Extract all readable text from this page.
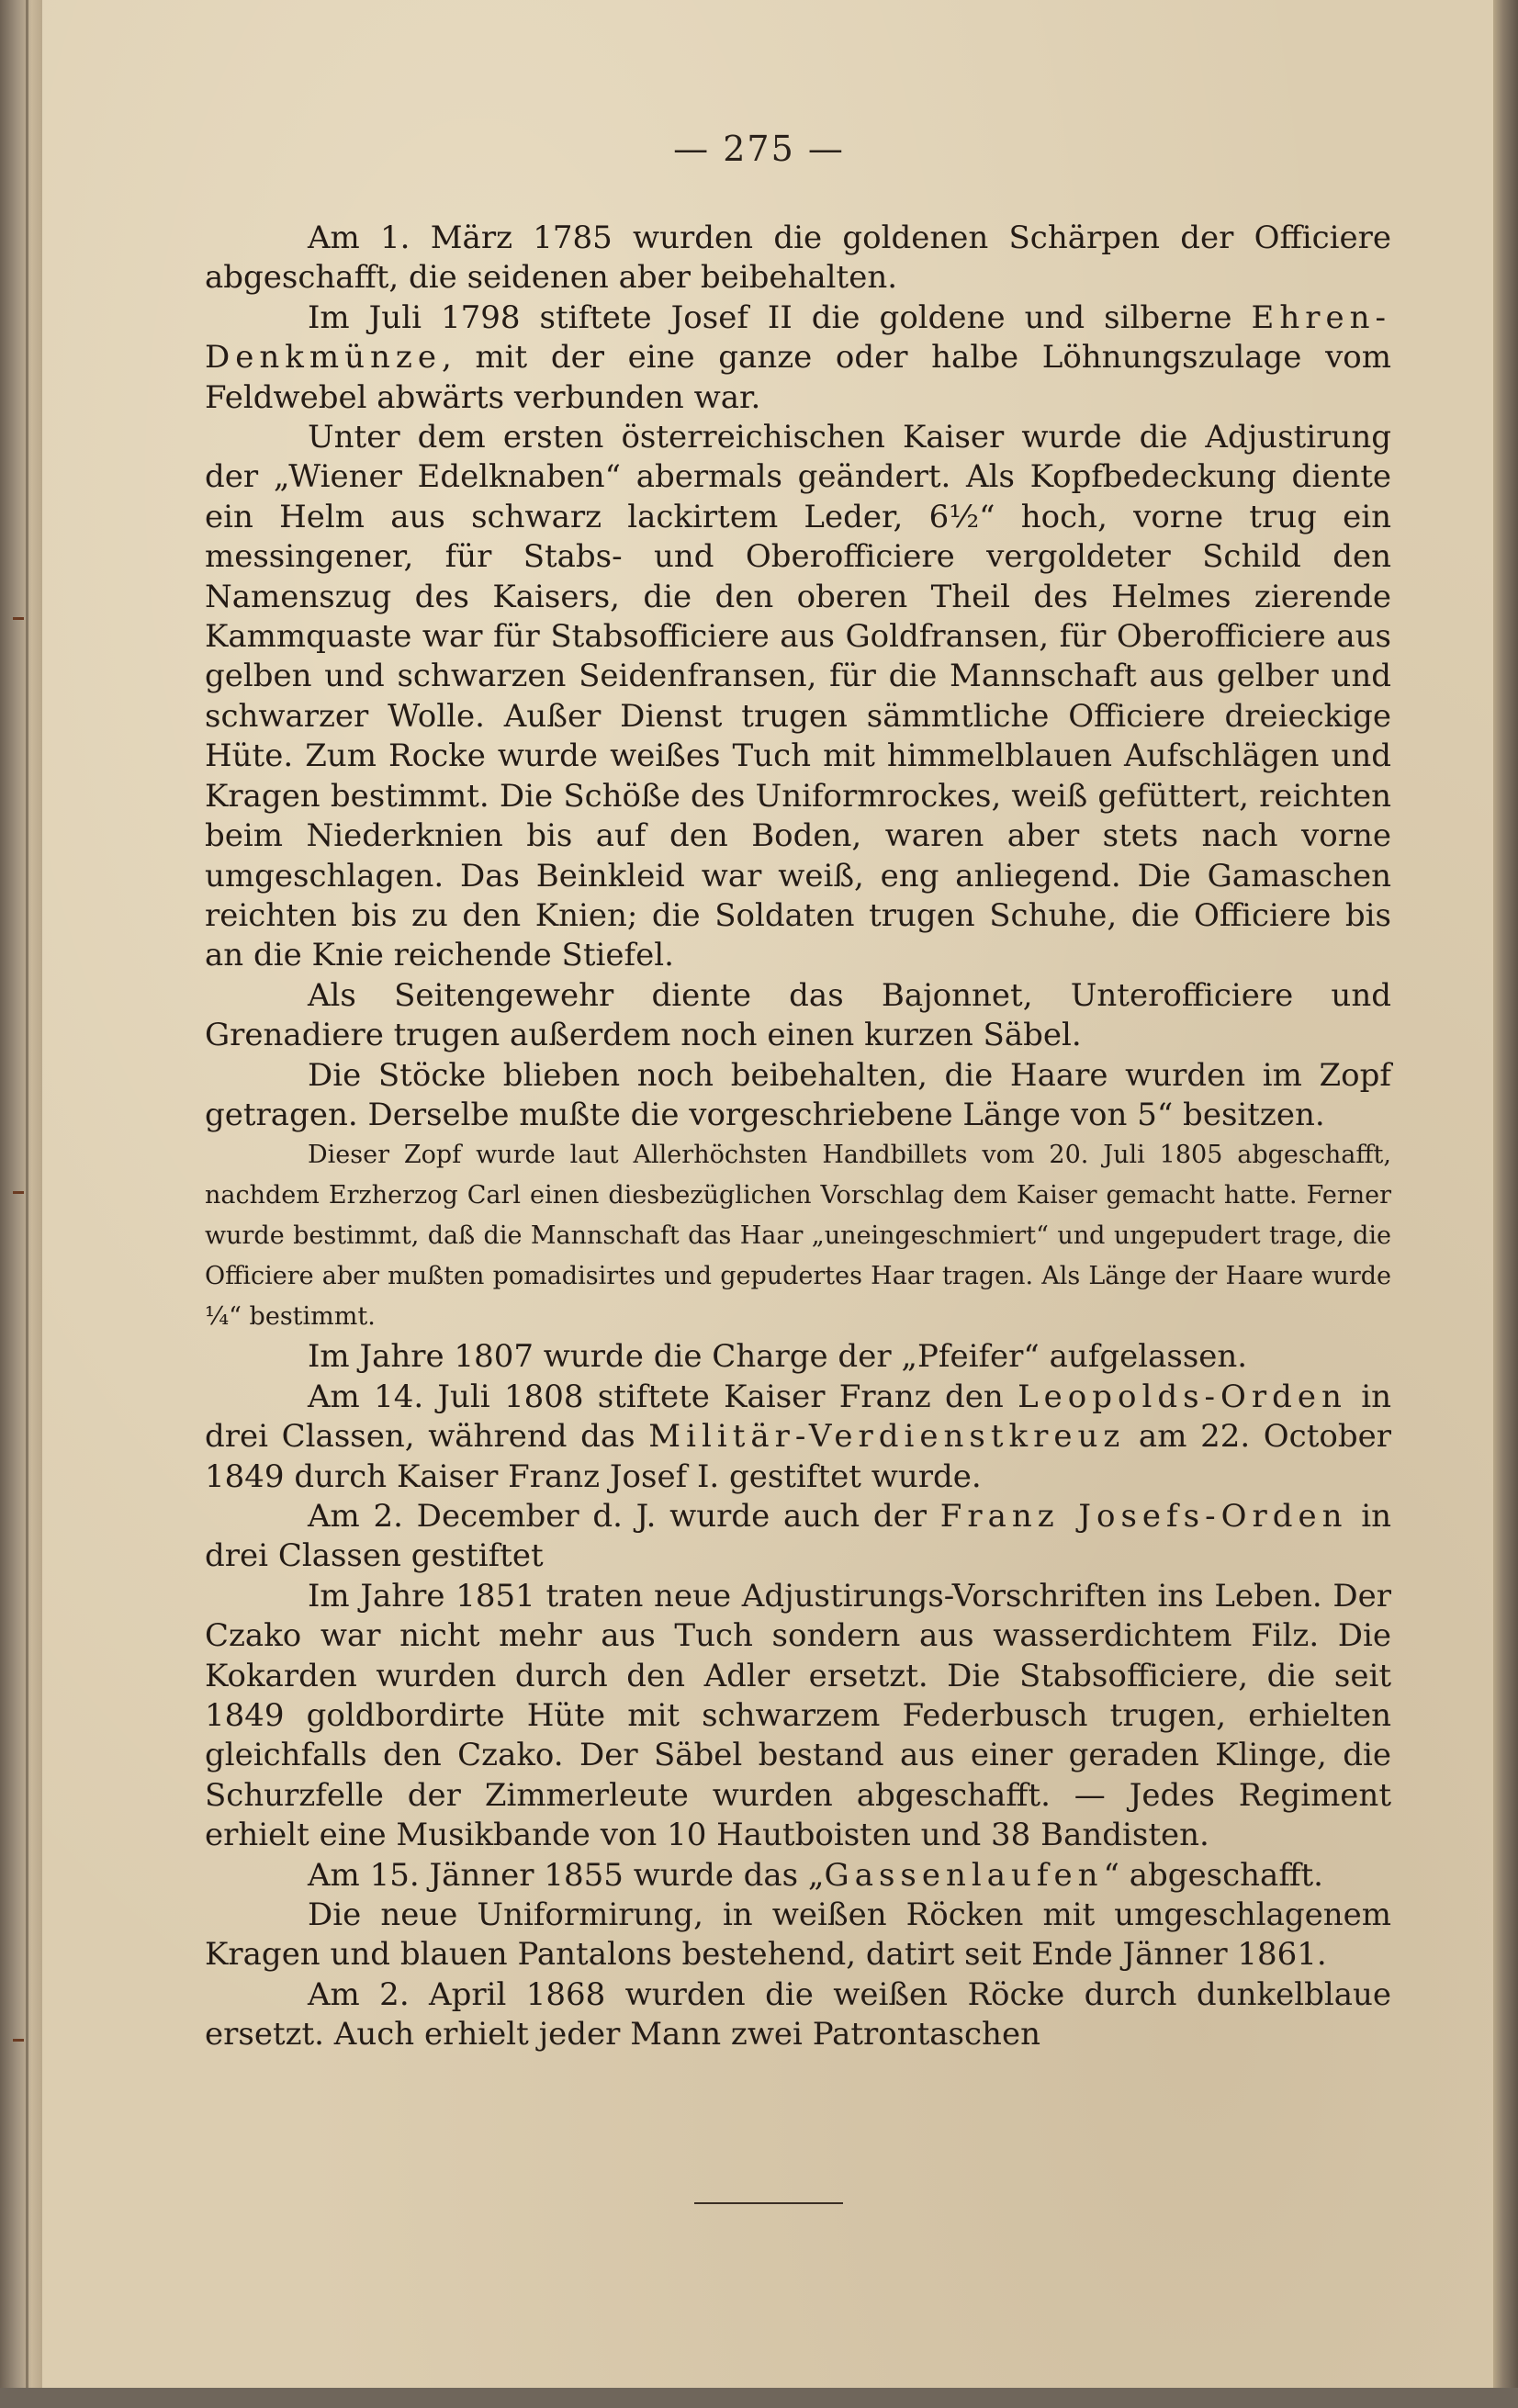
— 275 —

Am 1. März 1785 wurden die goldenen Schärpen der Officiere abgeschafft, die seidenen aber beibehalten.

Im Juli 1798 stiftete Josef II die goldene und silberne Ehren-Denkmünze, mit der eine ganze oder halbe Löhnungszulage vom Feldwebel abwärts verbunden war.

Unter dem ersten österreichischen Kaiser wurde die Adjustirung der „Wiener Edelknaben“ abermals geändert. Als Kopfbedeckung diente ein Helm aus schwarz lackirtem Leder, 6½“ hoch, vorne trug ein messingener, für Stabs- und Oberofficiere vergoldeter Schild den Namenszug des Kaisers, die den oberen Theil des Helmes zierende Kammquaste war für Stabsofficiere aus Goldfransen, für Oberofficiere aus gelben und schwarzen Seidenfransen, für die Mannschaft aus gelber und schwarzer Wolle. Außer Dienst trugen sämmtliche Officiere dreieckige Hüte. Zum Rocke wurde weißes Tuch mit himmelblauen Aufschlägen und Kragen bestimmt. Die Schöße des Uniformrockes, weiß gefüttert, reichten beim Niederknien bis auf den Boden, waren aber stets nach vorne umgeschlagen. Das Beinkleid war weiß, eng anliegend. Die Gamaschen reichten bis zu den Knien; die Soldaten trugen Schuhe, die Officiere bis an die Knie reichende Stiefel.

Als Seitengewehr diente das Bajonnet, Unterofficiere und Grenadiere trugen außerdem noch einen kurzen Säbel.

Die Stöcke blieben noch beibehalten, die Haare wurden im Zopf getragen. Derselbe mußte die vorgeschriebene Länge von 5“ besitzen.

Dieser Zopf wurde laut Allerhöchsten Handbillets vom 20. Juli 1805 abgeschafft, nachdem Erzherzog Carl einen diesbezüglichen Vorschlag dem Kaiser gemacht hatte. Ferner wurde bestimmt, daß die Mannschaft das Haar „uneingeschmiert“ und ungepudert trage, die Officiere aber mußten pomadisirtes und gepudertes Haar tragen. Als Länge der Haare wurde ¼“ bestimmt.

Im Jahre 1807 wurde die Charge der „Pfeifer“ aufgelassen.

Am 14. Juli 1808 stiftete Kaiser Franz den Leopolds-Orden in drei Classen, während das Militär-Verdienstkreuz am 22. October 1849 durch Kaiser Franz Josef I. gestiftet wurde.

Am 2. December d. J. wurde auch der Franz Josefs-Orden in drei Classen gestiftet

Im Jahre 1851 traten neue Adjustirungs-Vorschriften ins Leben. Der Czako war nicht mehr aus Tuch sondern aus wasserdichtem Filz. Die Kokarden wurden durch den Adler ersetzt. Die Stabsofficiere, die seit 1849 goldbordirte Hüte mit schwarzem Federbusch trugen, erhielten gleichfalls den Czako. Der Säbel bestand aus einer geraden Klinge, die Schurzfelle der Zimmerleute wurden abgeschafft. — Jedes Regiment erhielt eine Musikbande von 10 Hautboisten und 38 Bandisten.

Am 15. Jänner 1855 wurde das „Gassenlaufen“ abgeschafft.

Die neue Uniformirung, in weißen Röcken mit umgeschlagenem Kragen und blauen Pantalons bestehend, datirt seit Ende Jänner 1861.

Am 2. April 1868 wurden die weißen Röcke durch dunkelblaue ersetzt. Auch erhielt jeder Mann zwei Patrontaschen
